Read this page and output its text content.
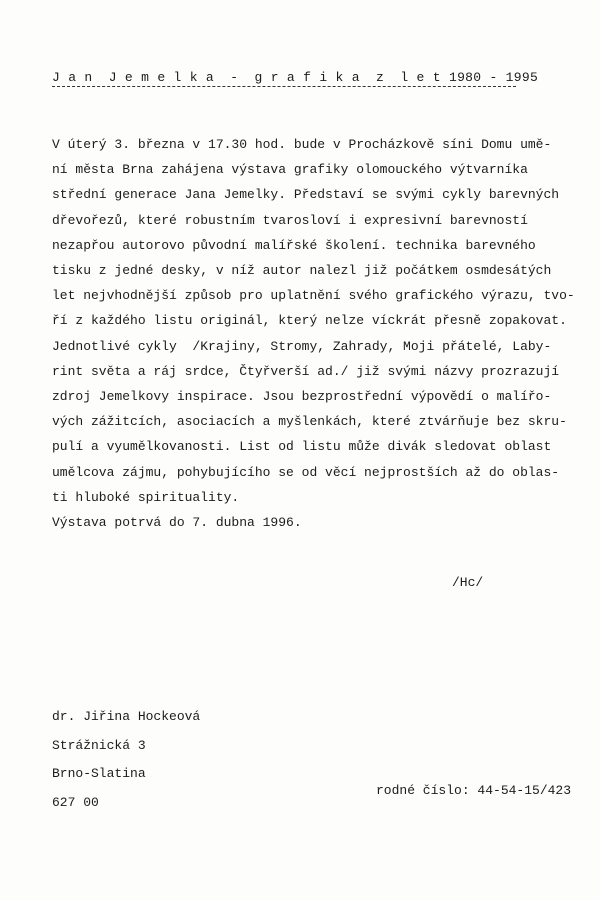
J a n  J e m e l k a  -  g r a f i k a  z  l e t 1980 - 1995
V úterý 3. března v 17.30 hod. bude v Procházkově síni Domu umě-
ní města Brna zahájena výstava grafiky olomouckého výtvarníka
střední generace Jana Jemelky. Představí se svými cykly barevných
dřevořezů, které robustním tvarosloví i expresivní barevností
nezapřou autorovo původní malířské školení. technika barevného
tisku z jedné desky, v níž autor nalezl již počátkem osmdesátých
let nejvhodnější způsob pro uplatnění svého grafického výrazu, tvo-
ří z každého listu originál, který nelze víckrát přesně zopakovat.
Jednotlivé cykly  /Krajiny, Stromy, Zahrady, Moji přátelé, Laby-
rint světa a ráj srdce, Čtyřverší ad./ již svými názvy prozrazují
zdroj Jemelkovy inspirace. Jsou bezprostřední výpovědí o malířo-
vých zážitcích, asociacích a myšlenkách, které ztvárňuje bez skru-
pulí a vyumělkovanosti. List od listu může divák sledovat oblast
umělcova zájmu, pohybujícího se od věcí nejprostších až do oblas-
ti hluboké spirituality.
Výstava potrvá do 7. dubna 1996.
/Hc/
dr. Jiřina Hockeová
Strážnická 3
Brno-Slatina
627 00
rodné číslo: 44-54-15/423
